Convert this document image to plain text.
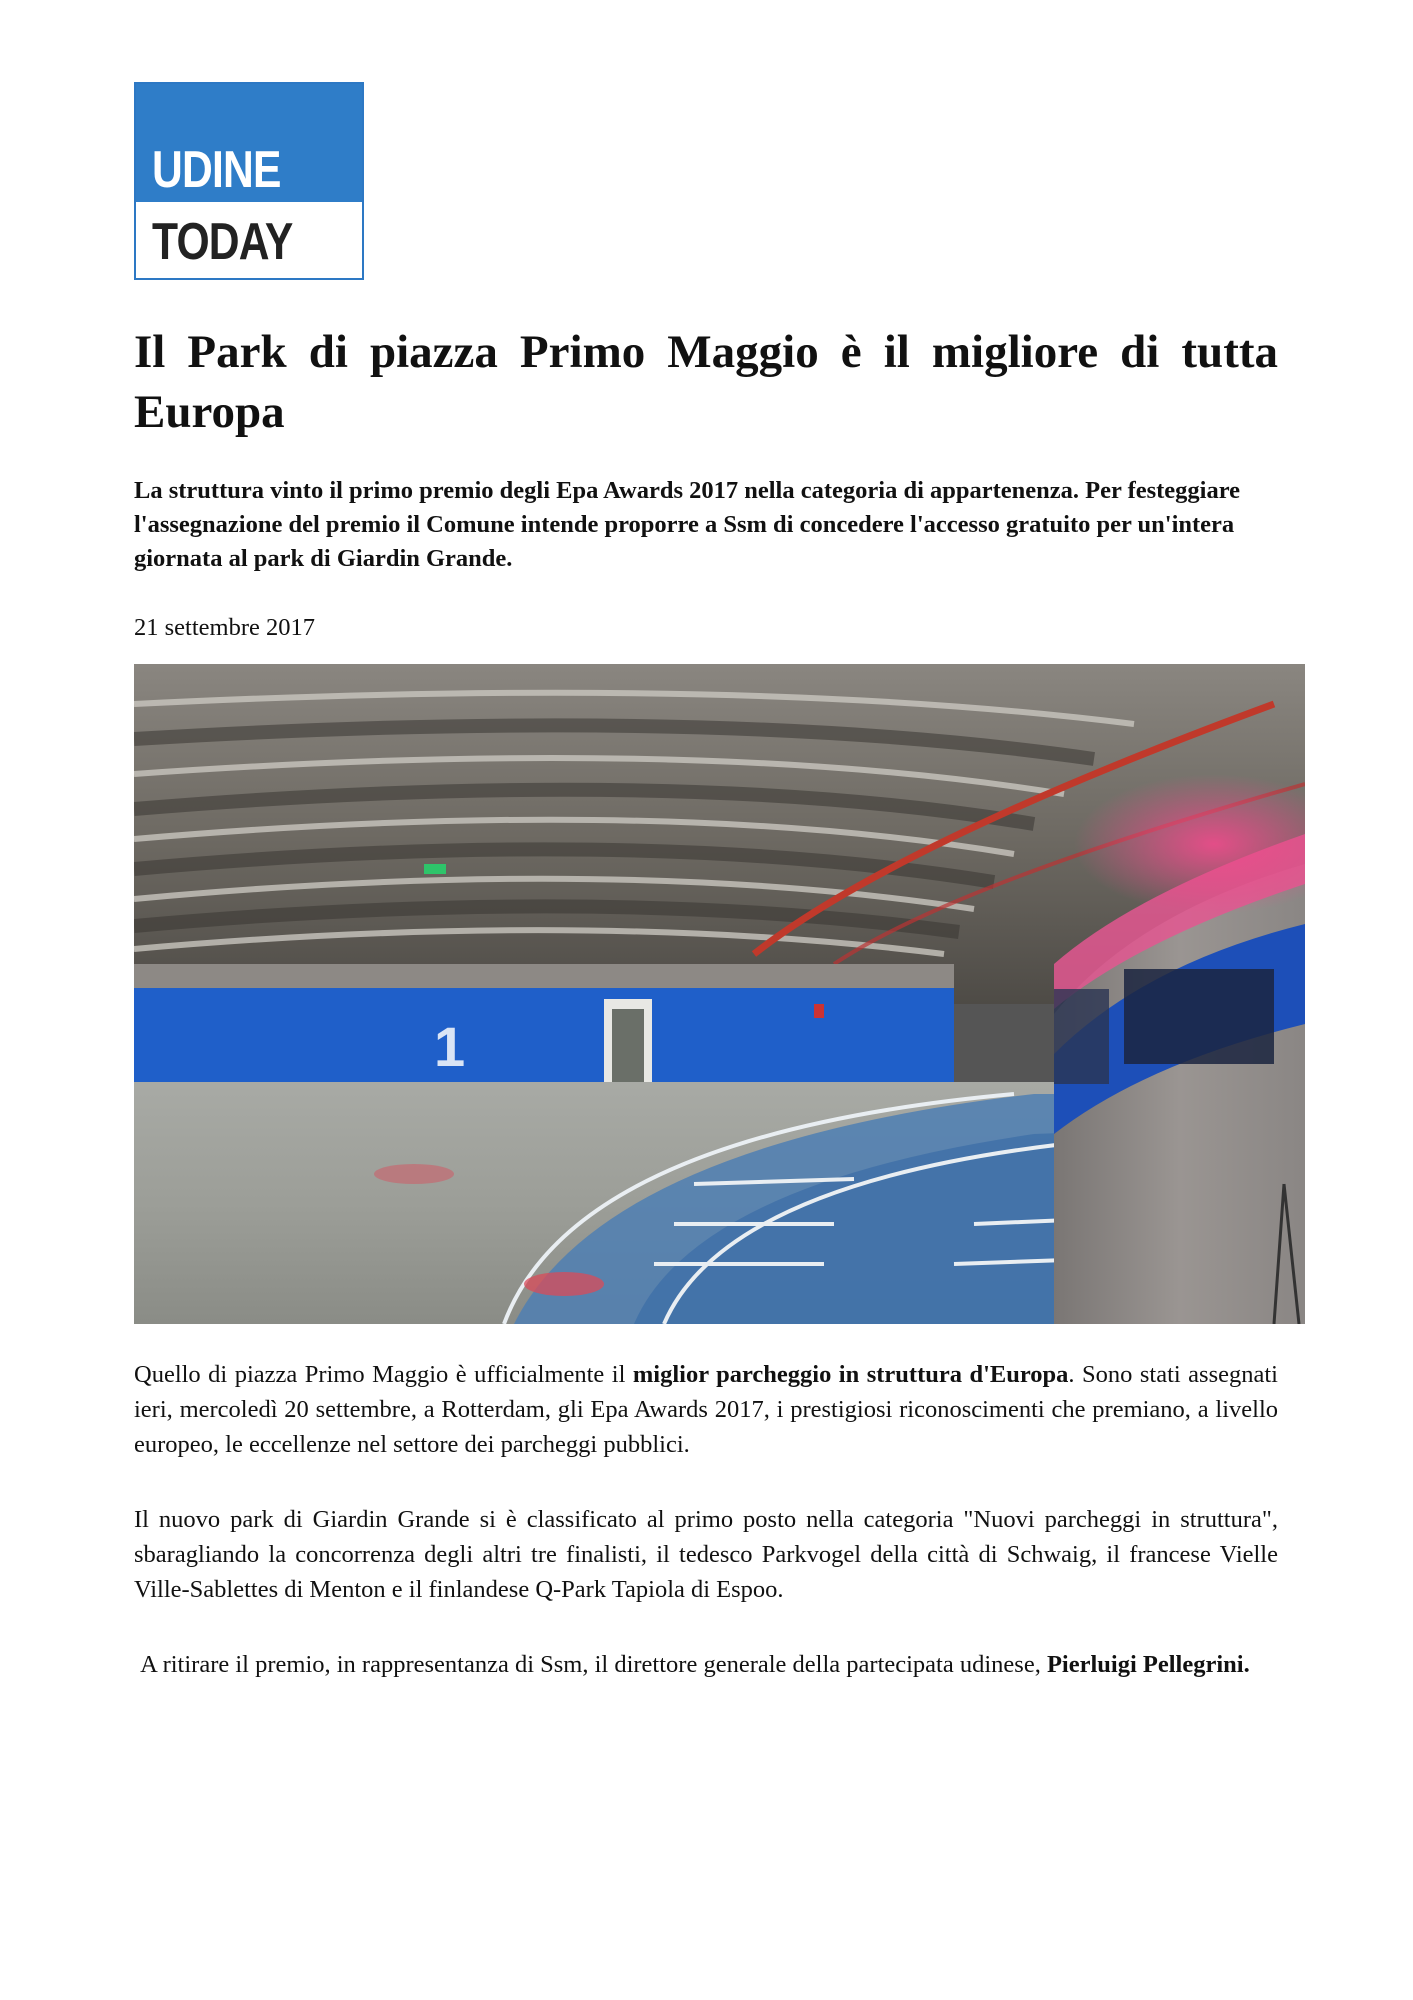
UDINE
TODAY
Il Park di piazza Primo Maggio è il migliore di tutta Europa

La struttura vinto il primo premio degli Epa Awards 2017 nella categoria di appartenenza. Per festeggiare l'assegnazione del premio il Comune intende proporre a Ssm di concedere l'accesso gratuito per un'intera giornata al park di Giardin Grande.

21 settembre 2017
1

Quello di piazza Primo Maggio è ufficialmente il miglior parcheggio in struttura d'Europa. Sono stati assegnati ieri, mercoledì 20 settembre, a Rotterdam, gli Epa Awards 2017, i prestigiosi riconoscimenti che premiano, a livello europeo, le eccellenze nel settore dei parcheggi pubblici.

Il nuovo park di Giardin Grande si è classificato al primo posto nella categoria "Nuovi parcheggi in struttura", sbaragliando la concorrenza degli altri tre finalisti, il tedesco Parkvogel della città di Schwaig, il francese Vielle Ville-Sablettes di Menton e il finlandese Q-Park Tapiola di Espoo.

A ritirare il premio, in rappresentanza di Ssm, il direttore generale della partecipata udinese, Pierluigi Pellegrini.
